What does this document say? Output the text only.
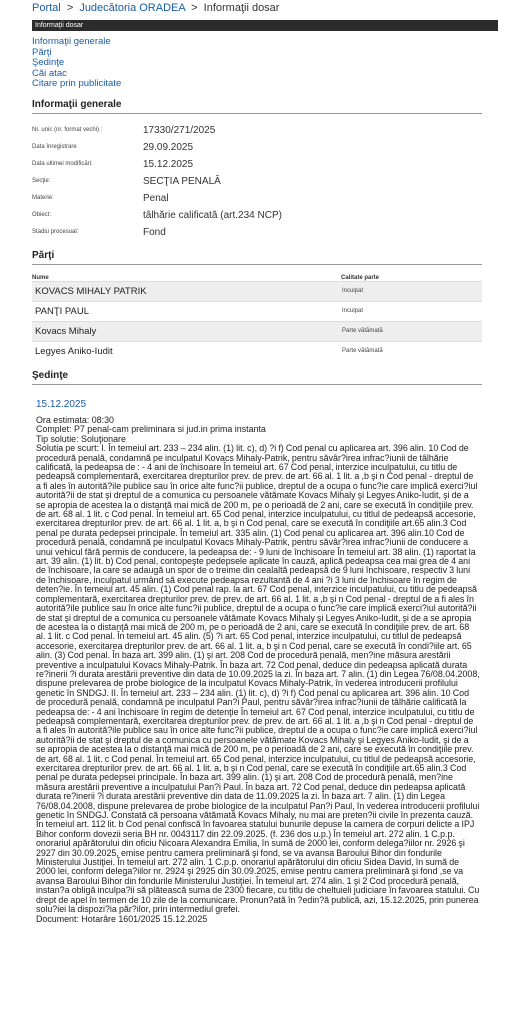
Portal > Judecătoria ORADEA > Informaţii dosar
Informaţii dosar
Informaţii generale
Părţi
Şedinţe
Căi atac
Citare prin publicitate
Informaţii generale
Nr. unic (nr. format vechi) :	17330/271/2025
Data înregistrare	29.09.2025
Data ultimei modificări:	15.12.2025
Secţie:	SECŢIA PENALĂ
Materie:	Penal
Obiect:	tâlhărie calificată (art.234 NCP)
Stadiu procesual:	Fond
Părţi
Nume	Calitate parte
KOVACS MIHALY PATRIK	Inculpat
PANŢI PAUL	Inculpat
Kovacs Mihaly	Parte vătămată
Legyes Aniko-Iudit	Parte vătămată
Şedinţe
15.12.2025

Ora estimata: 08:30

Complet: P7 penal-cam preliminara si jud.in prima instanta

Tip solutie: Soluţionare

Solutia pe scurt: I. În temeiul art. 233 – 234 alin. (1) lit. c), d) ?i f) Cod penal cu aplicarea art. 396 alin. 10 Cod de procedură penală, condamnă pe inculpatul Kovacs Mihaly-Patrik, pentru săvâr?irea infrac?iunii de tâlhărie calificată, la pedeapsa de : - 4 ani de închisoare În temeiul art. 67 Cod penal, interzice inculpatului, cu titlu de pedeapsă complementară, exercitarea drepturilor prev. de prev. de art. 66 al. 1 lit. a ,b şi n Cod penal - dreptul de a fi ales în autorită?ile publice sau în orice alte func?ii publice, dreptul de a ocupa o func?ie care implică exerci?iul autorită?ii de stat şi dreptul de a comunica cu persoanele vătămate Kovacs Mihaly şi Legyes Aniko-Iudit, şi de a se apropia de acestea la o distanţă mai mică de 200 m, pe o perioadă de 2 ani, care se execută în condiţiile prev. de art. 68 al. 1 lit. c Cod penal. În temeiul art. 65 Cod penal, interzice inculpatului, cu titlul de pedeapsă accesorie, exercitarea drepturilor prev. de art. 66 al. 1 lit. a, b şi n Cod penal, care se execută în condiţiile art.65 alin.3 Cod penal pe durata pedepsei principale. În temeiul art. 335 alin. (1) Cod penal cu aplicarea art. 396 alin.10 Cod de procedură penală, condamnă pe inculpatul Kovacs Mihaly-Patrik, pentru săvâr?irea infrac?iunii de conducere a unui vehicul fără permis de conducere, la pedeapsa de: - 9 luni de închisoare În temeiul art. 38 alin. (1) raportat la art. 39 alin. (1) lit. b) Cod penal, contopeşte pedepsele aplicate în cauză, aplică pedeapsa cea mai grea de 4 ani de închisoare, la care se adaugă un spor de o treime din cealaltă pedeapsă de 9 luni închisoare, respectiv 3 luni de închisoare, inculpatul urmând să execute pedeapsa rezultantă de 4 ani ?i 3 luni de închisoare în regim de deten?ie. În temeiul art. 45 alin. (1) Cod penal rap. la art. 67 Cod penal, interzice inculpatului, cu titlu de pedeapsă complementară, exercitarea drepturilor prev. de prev. de art. 66 al. 1 lit. a ,b şi n Cod penal - dreptul de a fi ales în autorită?ile publice sau în orice alte func?ii publice, dreptul de a ocupa o func?ie care implică exerci?iul autorită?ii de stat şi dreptul de a comunica cu persoanele vătămate Kovacs Mihaly şi Legyes Aniko-Iudit, şi de a se apropia de acestea la o distanţă mai mică de 200 m, pe o perioadă de 2 ani, care se execută în condiţiile prev. de art. 68 al. 1 lit. c Cod penal. În temeiul art. 45 alin. (5) ?i art. 65 Cod penal, interzice inculpatului, cu titlul de pedeapsă accesorie, exercitarea drepturilor prev. de art. 66 al. 1 lit. a, b şi n Cod penal, care se execută în condi?iile art. 65 alin. (3) Cod penal. În baza art. 399 alin. (1) şi art. 208 Cod de procedură penală, men?ine măsura arestării preventive a inculpatului Kovacs Mihaly-Patrik. În baza art. 72 Cod penal, deduce din pedeapsa aplicată durata re?inerii ?i durata arestării preventive din data de 10.09.2025 la zi. În baza art. 7 alin. (1) din Legea 76/08.04.2008, dispune prelevarea de probe biologice de la inculpatul Kovacs Mihaly-Patrik, în vederea introducerii profilului genetic în SNDGJ. II. În temeiul art. 233 – 234 alin. (1) lit. c), d) ?i f) Cod penal cu aplicarea art. 396 alin. 10 Cod de procedură penală, condamnă pe inculpatul Pan?i Paul, pentru săvâr?irea infrac?iunii de tâlhărie calificată la pedeapsa de: - 4 ani închisoare în regim de detenţie În temeiul art. 67 Cod penal, interzice inculpatului, cu titlu de pedeapsă complementară, exercitarea drepturilor prev. de prev. de art. 66 al. 1 lit. a ,b şi n Cod penal - dreptul de a fi ales în autorită?ile publice sau în orice alte func?ii publice, dreptul de a ocupa o func?ie care implică exerci?iul autorită?ii de stat şi dreptul de a comunica cu persoanele vătămate Kovacs Mihaly şi Legyes Aniko-Iudit, şi de a se apropia de acestea la o distanţă mai mică de 200 m, pe o perioadă de 2 ani, care se execută în condiţiile prev. de art. 68 al. 1 lit. c Cod penal. În temeiul art. 65 Cod penal, interzice inculpatului, cu titlul de pedeapsă accesorie, exercitarea drepturilor prev. de art. 66 al. 1 lit. a, b şi n Cod penal, care se execută în condiţiile art.65 alin.3 Cod penal pe durata pedepsei principale. În baza art. 399 alin. (1) şi art. 208 Cod de procedură penală, men?ine măsura arestării preventive a inculpatului Pan?i Paul. În baza art. 72 Cod penal, deduce din pedeapsa aplicată durata re?inerii ?i durata arestării preventive din data de 11.09.2025 la zi. În baza art. 7 alin. (1) din Legea 76/08.04.2008, dispune prelevarea de probe biologice de la inculpatul Pan?i Paul, în vederea introducerii profilului genetic în SNDGJ. Constată că persoana vătămată Kovacs Mihaly, nu mai are preten?ii civile în prezenta cauză. În temeiul art. 112 lit. b Cod penal confiscă în favoarea statului bunurile depuse la camera de corpuri delicte a IPJ Bihor conform dovezii seria BH nr. 0043117 din 22.09.2025. (f. 236 dos u.p.) În temeiul art. 272 alin. 1 C.p.p. onorariul apărătorului din oficiu Nicoara Alexandra Emilia, în sumă de 2000 lei, conform delega?iilor nr. 2926 şi 2927 din 30.09.2025, emise pentru camera preliminară şi fond, se va avansa Baroului Bihor din fondurile Ministerului Justiţiei. În temeiul art. 272 alin. 1 C.p.p. onorariul apărătorului din oficiu Sidea David, în sumă de 2000 lei, conform delega?iilor nr. 2924 şi 2925 din 30.09.2025, emise pentru camera preliminară şi fond ,se va avansa Baroului Bihor din fondurile Ministerului Justiţiei. În temeiul art. 274 alin. 1 şi 2 Cod procedură penală, instan?a obligă inculpa?ii să plătească suma de 2300 fiecare, cu titlu de cheltuieli judiciare în favoarea statului. Cu drept de apel în termen de 10 zile de la comunicare. Pronun?ată în ?edin?ă publică, azi, 15.12.2025, prin punerea solu?iei la dispozi?ia păr?ilor, prin intermediul grefei.

Document: Hotarâre 1601/2025 15.12.2025
